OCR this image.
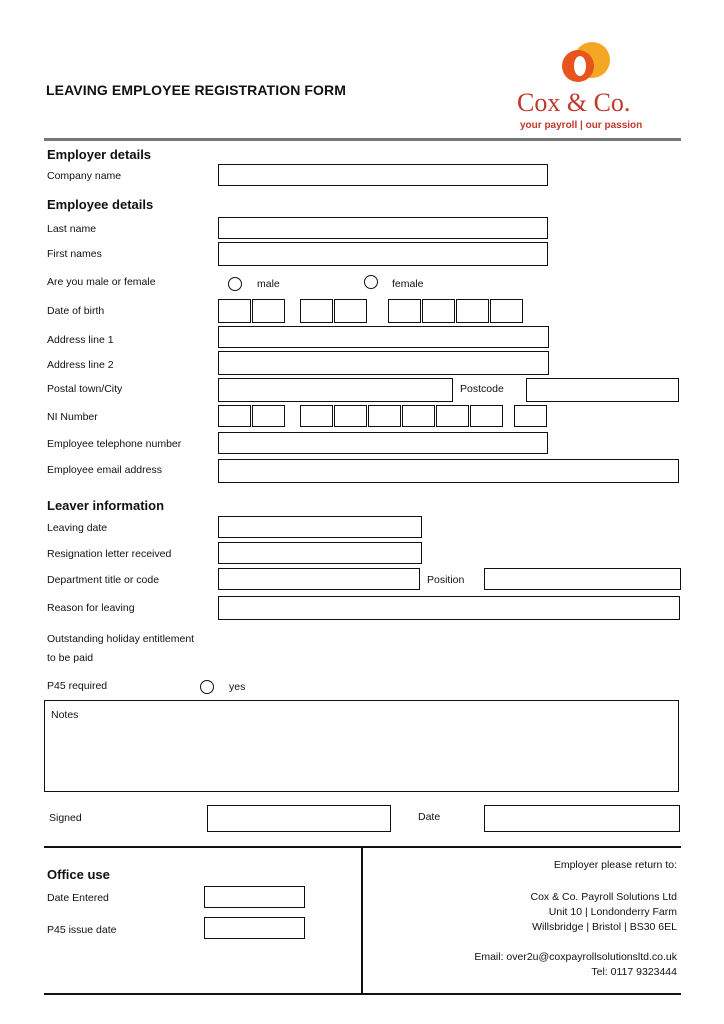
LEAVING EMPLOYEE REGISTRATION FORM	Cox & Co.
your payroll | our passion
Employer details
Company name
Employee details
Last name
First names
Are you male or female	male	female
Date of birth
Address line 1
Address line 2
Postal town/City	Postcode
NI Number
Employee telephone number
Employee email address
Leaver information
Leaving date
Resignation letter received
Department title or code	Position
Reason for leaving
Outstanding holiday entitlement
to be paid
P45 required	yes
Notes
Signed	Date
Office use
Date Entered
P45 issue date
Employer please return to:
Cox & Co. Payroll Solutions Ltd
Unit 10 | Londonderry Farm
Willsbridge | Bristol | BS30 6EL
Email: over2u@coxpayrollsolutionsltd.co.uk
Tel: 0117 9323444
